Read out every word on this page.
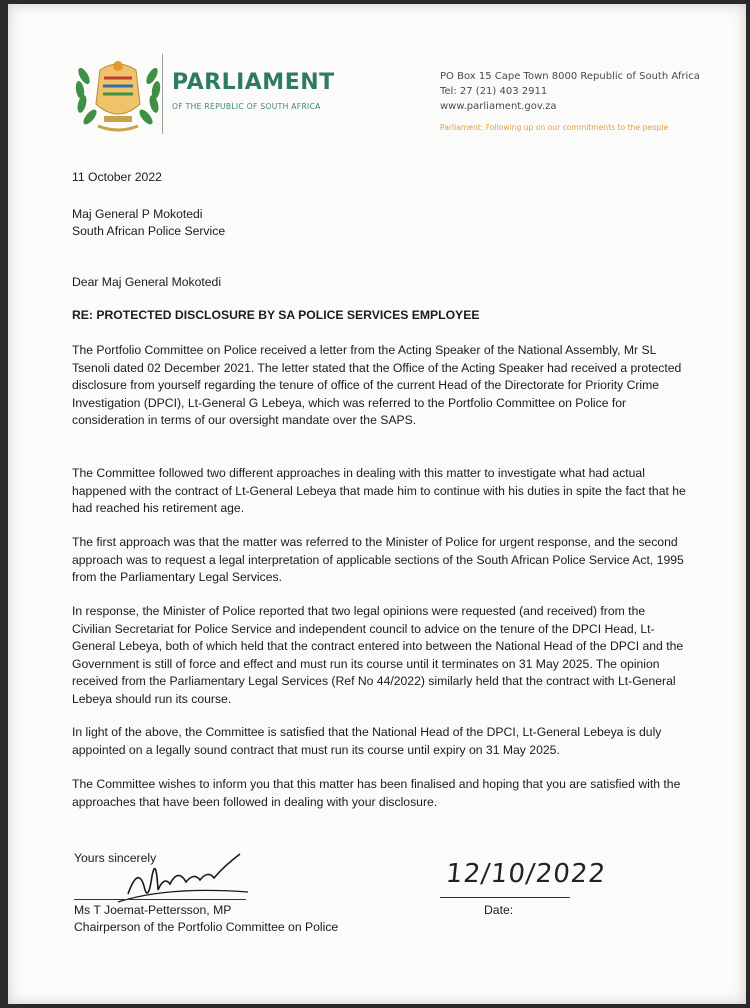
PARLIAMENT
OF THE REPUBLIC OF SOUTH AFRICA
PO Box 15 Cape Town 8000 Republic of South Africa
Tel: 27 (21) 403 2911
www.parliament.gov.za
Parliament: Following up on our commitments to the people

11 October 2022

Maj General P Mokotedi

South African Police Service

Dear Maj General Mokotedi

RE: PROTECTED DISCLOSURE BY SA POLICE SERVICES EMPLOYEE

The Portfolio Committee on Police received a letter from the Acting Speaker of the National Assembly, Mr SL Tsenoli dated 02 December 2021. The letter stated that the Office of the Acting Speaker had received a protected disclosure from yourself regarding the tenure of office of the current Head of the Directorate for Priority Crime Investigation (DPCI), Lt-General G Lebeya, which was referred to the Portfolio Committee on Police for consideration in terms of our oversight mandate over the SAPS.

The Committee followed two different approaches in dealing with this matter to investigate what had actual happened with the contract of Lt-General Lebeya that made him to continue with his duties in spite the fact that he had reached his retirement age.

The first approach was that the matter was referred to the Minister of Police for urgent response, and the second approach was to request a legal interpretation of applicable sections of the South African Police Service Act, 1995 from the Parliamentary Legal Services.

In response, the Minister of Police reported that two legal opinions were requested (and received) from the Civilian Secretariat for Police Service and independent council to advice on the tenure of the DPCI Head, Lt-General Lebeya, both of which held that the contract entered into between the National Head of the DPCI and the Government is still of force and effect and must run its course until it terminates on 31 May 2025. The opinion received from the Parliamentary Legal Services (Ref No 44/2022) similarly held that the contract with Lt-General Lebeya should run its course.

In light of the above, the Committee is satisfied that the National Head of the DPCI, Lt-General Lebeya is duly appointed on a legally sound contract that must run its course until expiry on 31 May 2025.

The Committee wishes to inform you that this matter has been finalised and hoping that you are satisfied with the approaches that have been followed in dealing with your disclosure.

Yours sincerely

Ms T Joemat-Pettersson, MP

Chairperson of the Portfolio Committee on Police

12/10/2022

Date:
